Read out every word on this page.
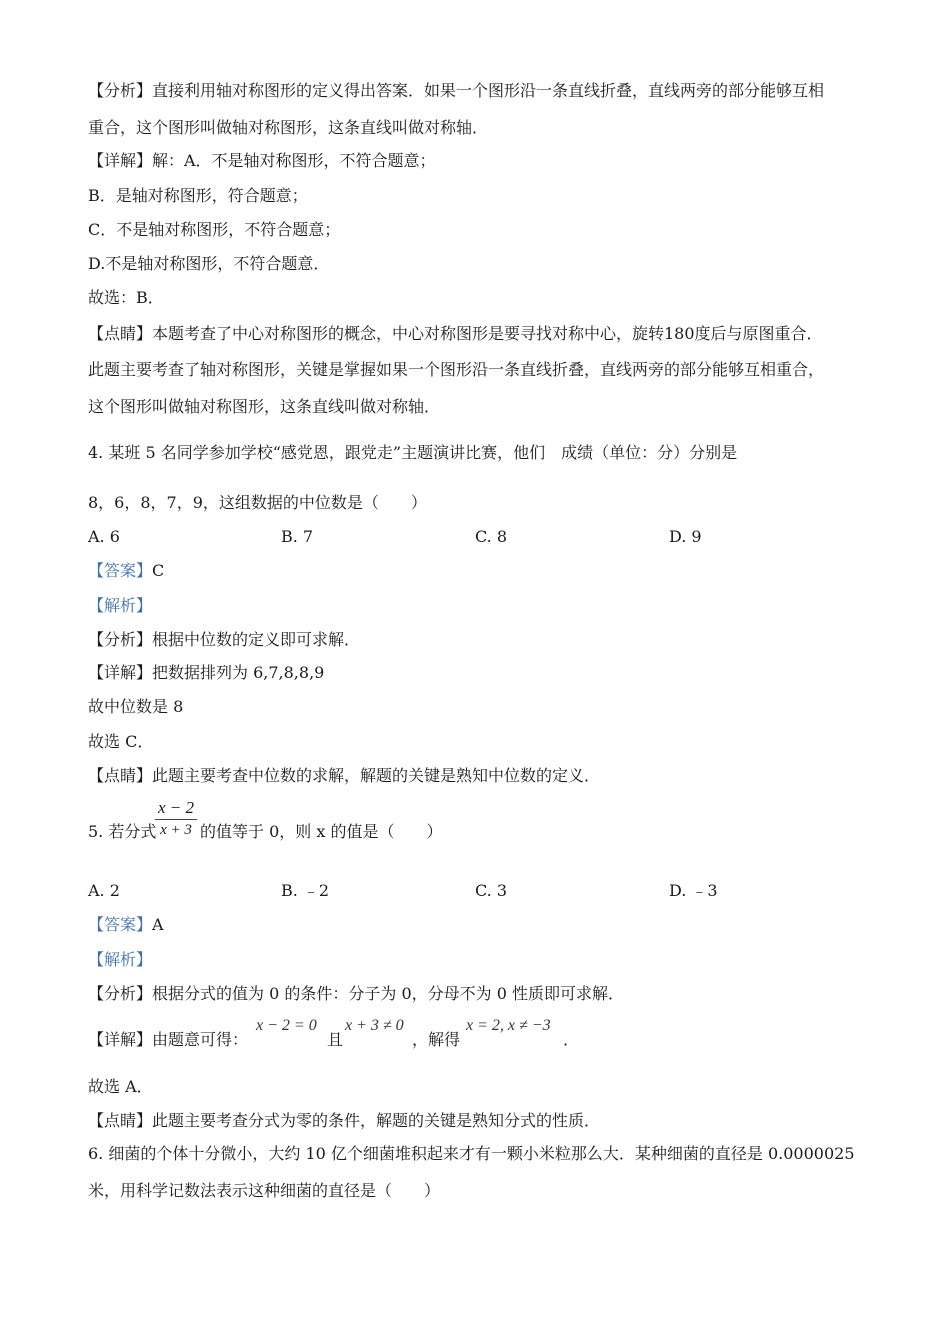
【分析】直接利用轴对称图形的定义得出答案．如果一个图形沿一条直线折叠，直线两旁的部分能够互相
重合，这个图形叫做轴对称图形，这条直线叫做对称轴．
【详解】解：A．不是轴对称图形，不符合题意；
B．是轴对称图形，符合题意；
C．不是轴对称图形，不符合题意；
D.不是轴对称图形，不符合题意．
故选：B．
【点睛】本题考查了中心对称图形的概念，中心对称图形是要寻找对称中心，旋转180度后与原图重合．
此题主要考查了轴对称图形，关键是掌握如果一个图形沿一条直线折叠，直线两旁的部分能够互相重合，
这个图形叫做轴对称图形，这条直线叫做对称轴．
4. 某班 5 名同学参加学校“感党恩，跟党走”主题演讲比赛，他们　成绩（单位：分）分别是
8，6，8，7，9，这组数据的中位数是（　　）
A. 6	B. 7	C. 8	D. 9
【答案】C
【解析】
【分析】根据中位数的定义即可求解．
【详解】把数据排列为 6,7,8,8,9
故中位数是 8
故选 C．
【点睛】此题主要考查中位数的求解，解题的关键是熟知中位数的定义．
$\frac{x - 2}{x + 3}$
5. 若分式	的值等于 0，则 x 的值是（　　）
A. 2	B. ﹣2	C. 3	D. ﹣3
【答案】A
【解析】
【分析】根据分式的值为 0 的条件：分子为 0，分母不为 0 性质即可求解．
【详解】由题意可得：
x − 2 = 0
且
x + 3 ≠ 0
，解得
x = 2, x ≠ −3
．
故选 A．
【点睛】此题主要考查分式为零的条件，解题的关键是熟知分式的性质．
6. 细菌的个体十分微小，大约 10 亿个细菌堆积起来才有一颗小米粒那么大．某种细菌的直径是 0.0000025
米，用科学记数法表示这种细菌的直径是（　　）
